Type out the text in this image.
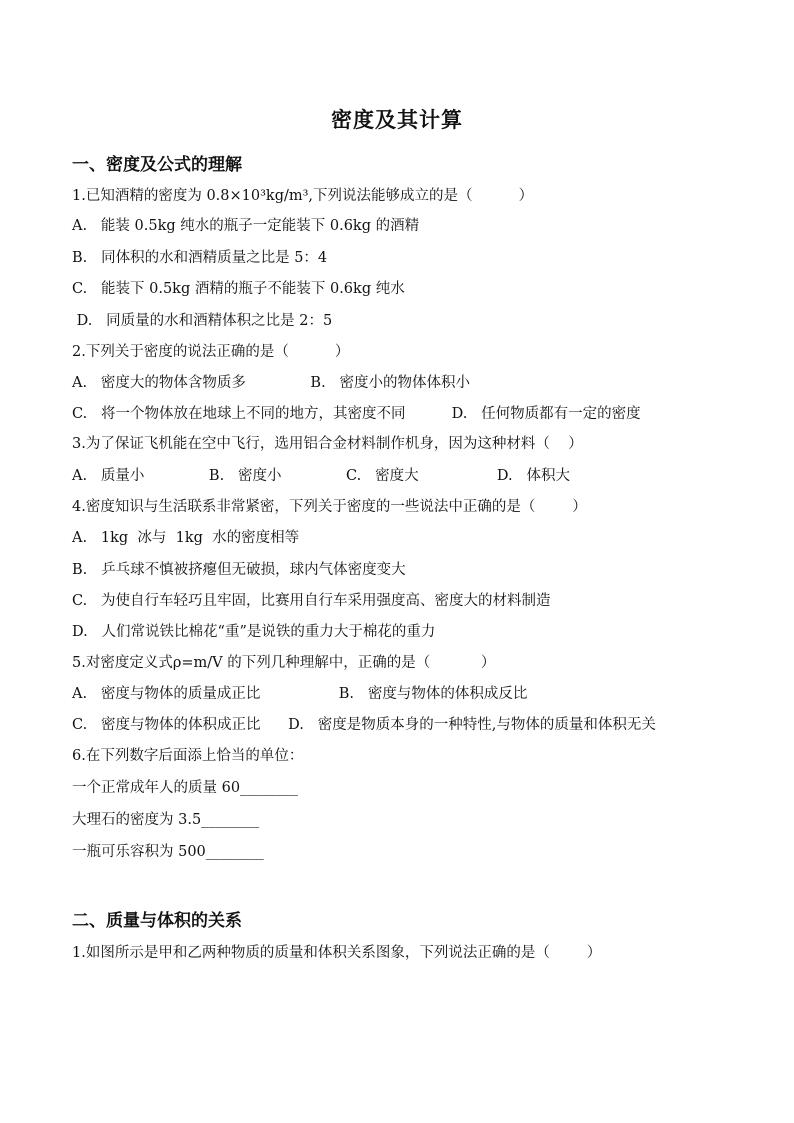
密度及其计算
一、密度及公式的理解
1.已知酒精的密度为 0.8×10³kg/m³,下列说法能够成立的是（          ）
A.   能装 0.5kg 纯水的瓶子一定能装下 0.6kg 的酒精
B.   同体积的水和酒精质量之比是 5：4
C.   能装下 0.5kg 酒精的瓶子不能装下 0.6kg 纯水
D.   同质量的水和酒精体积之比是 2：5
2.下列关于密度的说法正确的是（          ）
A.   密度大的物体含物质多              B.   密度小的物体体积小
C.   将一个物体放在地球上不同的地方，其密度不同          D.   任何物质都有一定的密度
3.为了保证飞机能在空中飞行，选用铝合金材料制作机身，因为这种材料（    ）
A.   质量小              B.   密度小              C.   密度大                 D.   体积大
4.密度知识与生活联系非常紧密，下列关于密度的一些说法中正确的是（        ）
A.   1kg  冰与  1kg  水的密度相等
B.   乒乓球不慎被挤瘪但无破损，球内气体密度变大
C.   为使自行车轻巧且牢固，比赛用自行车采用强度高、密度大的材料制造
D.   人们常说铁比棉花“重”是说铁的重力大于棉花的重力
5.对密度定义式ρ=m/V 的下列几种理解中，正确的是（           ）
A.   密度与物体的质量成正比                 B.   密度与物体的体积成反比
C.   密度与物体的体积成正比      D.   密度是物质本身的一种特性,与物体的质量和体积无关
6.在下列数字后面添上恰当的单位：
一个正常成年人的质量 60________
大理石的密度为 3.5________
一瓶可乐容积为 500________
二、质量与体积的关系
1.如图所示是甲和乙两种物质的质量和体积关系图象，下列说法正确的是（        ）
